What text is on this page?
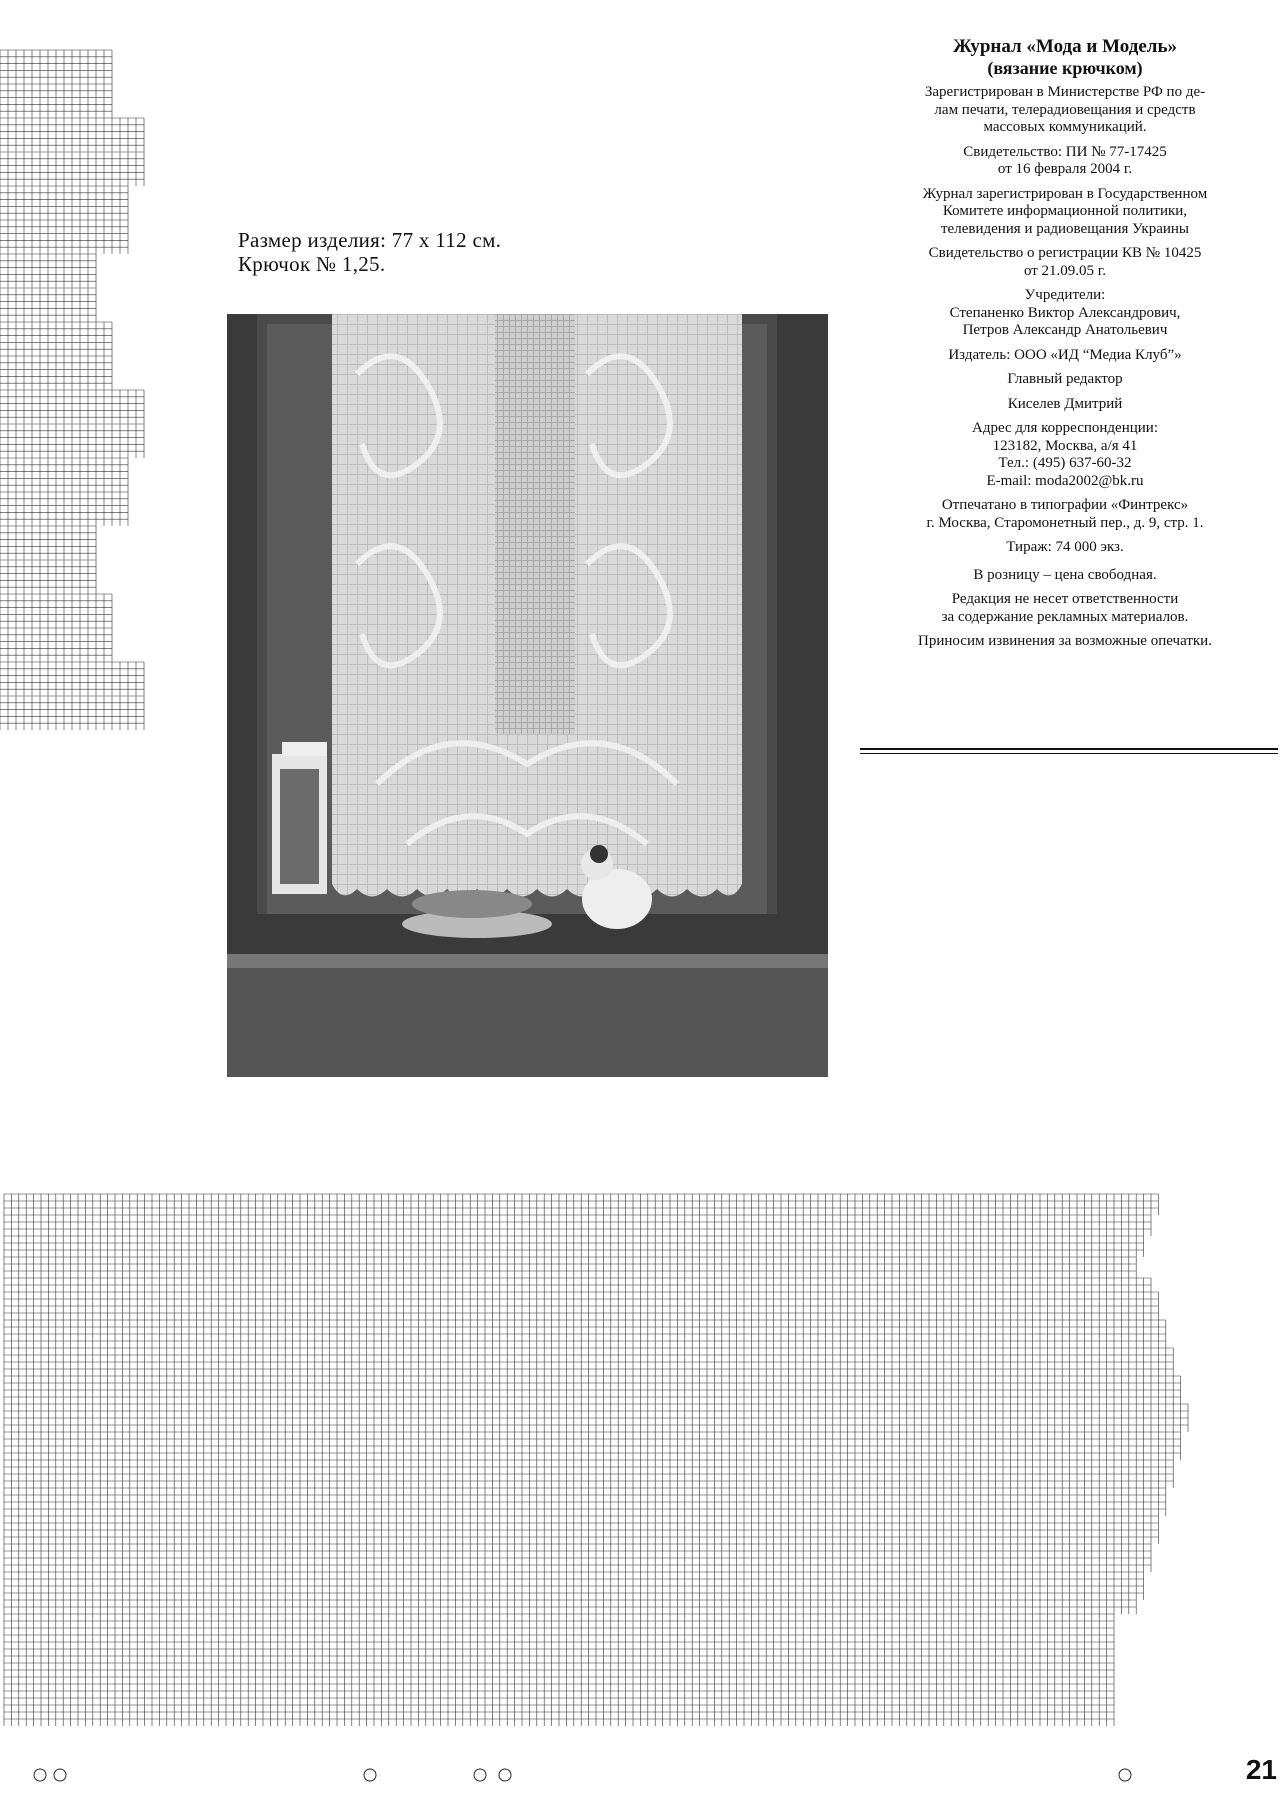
Размер изделия: 77 х 112 см.
Крючок № 1,25.
Журнал «Мода и Модель»
(вязание крючком)

Зарегистрирован в Министерстве РФ по де-
лам печати, телерадиовещания и средств
массовых коммуникаций.

Свидетельство: ПИ № 77-17425
от 16 февраля 2004 г.

Журнал зарегистрирован в Государственном
Комитете информационной политики,
телевидения и радиовещания Украины

Свидетельство о регистрации КВ № 10425
от 21.09.05 г.

Учредители:
Степаненко Виктор Александрович,
Петров Александр Анатольевич

Издатель: ООО «ИД “Медиа Клуб”»

Главный редактор

Киселев Дмитрий

Адрес для корреспонденции:
123182, Москва, а/я 41
Тел.: (495) 637-60-32
E-mail: moda2002@bk.ru

Отпечатано в типографии «Финтрекс»
г. Москва, Старомонетный пер., д. 9, стр. 1.

Тираж: 74 000 экз.

В розницу – цена свободная.

Редакция не несет ответственности
за содержание рекламных материалов.

Приносим извинения за возможные опечатки.

21
